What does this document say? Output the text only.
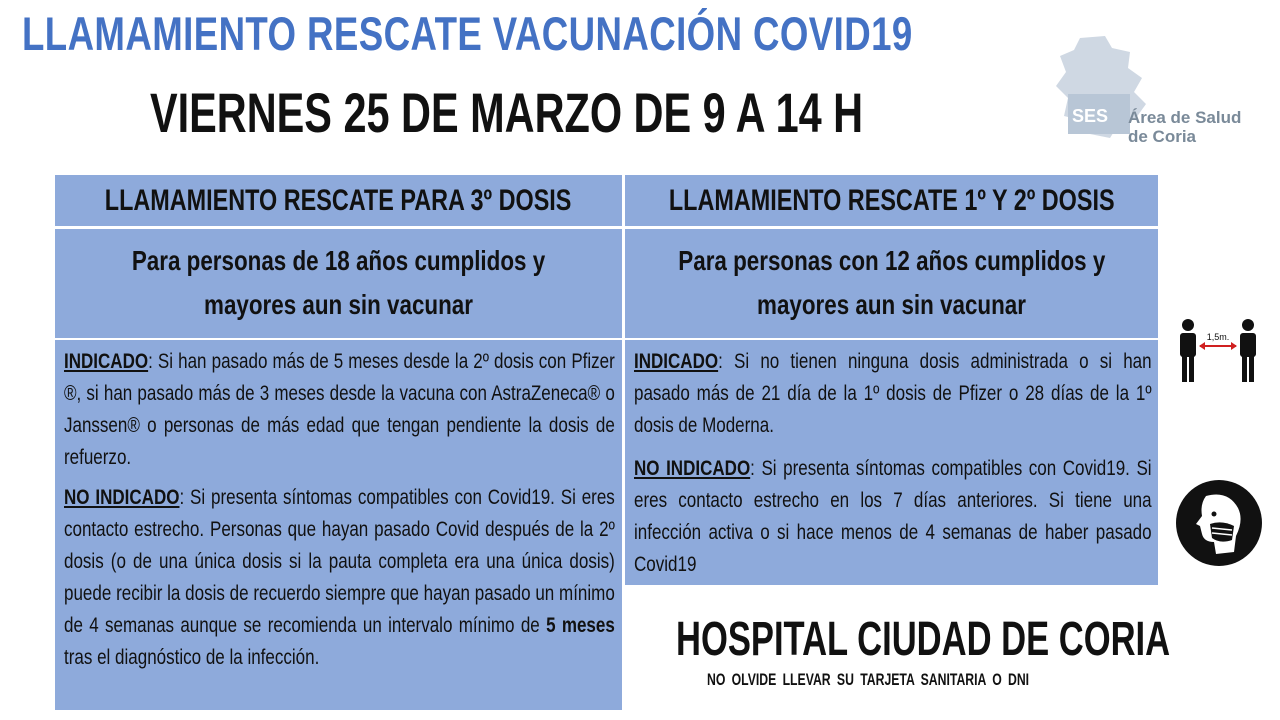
LLAMAMIENTO RESCATE VACUNACIÓN COVID19
VIERNES 25 DE MARZO DE 9 A 14 H	SES Área de Salud
de Coria
LLAMAMIENTO RESCATE PARA 3º DOSIS	LLAMAMIENTO RESCATE 1º Y 2º DOSIS
Para personas de 18 años cumplidos y
mayores aun sin vacunar
Para personas con 12 años cumplidos y
mayores aun sin vacunar
INDICADO: Si han pasado más de 5 meses desde la 2º dosis con Pfizer ®, si han pasado más de 3 meses desde la vacuna con AstraZeneca® o Janssen® o personas de más edad que tengan pendiente la dosis de refuerzo.
NO INDICADO: Si presenta síntomas compatibles con Covid19. Si eres contacto estrecho. Personas que hayan pasado Covid después de la 2º dosis (o de una única dosis si la pauta completa era una única dosis) puede recibir la dosis de recuerdo siempre que hayan pasado un mínimo de 4 semanas aunque se recomienda un intervalo mínimo de 5 meses tras el diagnóstico de la infección.
INDICADO: Si no tienen ninguna dosis administrada o si han pasado más de 21 día de la 1º dosis de Pfizer o 28 días de la 1º dosis de Moderna.
NO INDICADO: Si presenta síntomas compatibles con Covid19. Si eres contacto estrecho en los 7 días anteriores. Si tiene una infección activa o si hace menos de 4 semanas de haber pasado Covid19
1,5m.
HOSPITAL CIUDAD DE CORIA
NO OLVIDE LLEVAR SU TARJETA SANITARIA O DNI
